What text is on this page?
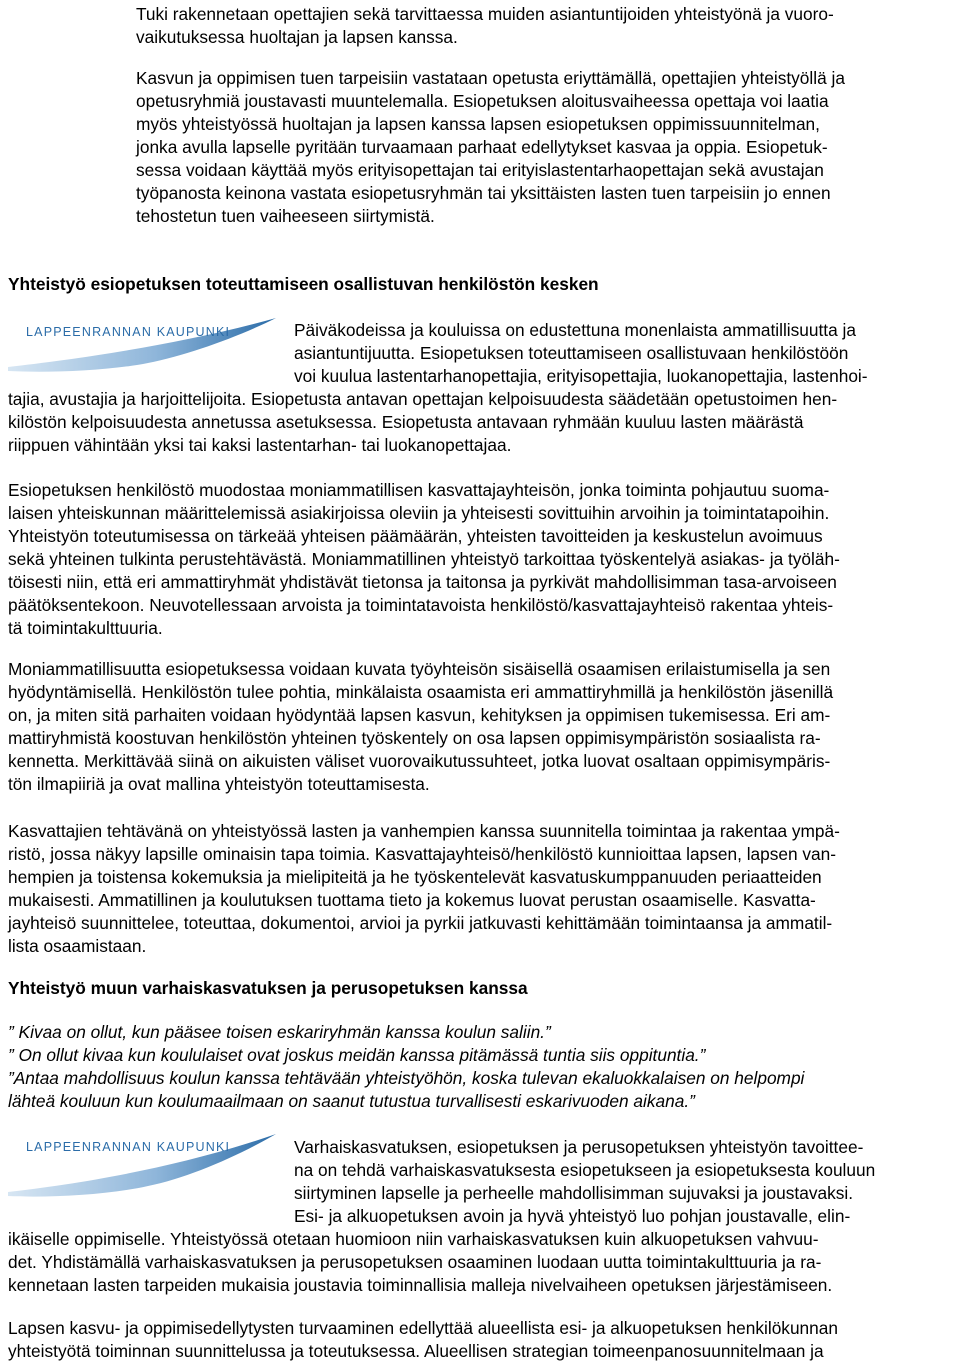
LAPPEENRANNAN KAUPUNKI
LAPPEENRANNAN KAUPUNKI
Tuki rakennetaan opettajien sekä tarvittaessa muiden asiantuntijoiden yhteistyönä ja vuoro-
vaikutuksessa huoltajan ja lapsen kanssa.
Kasvun ja oppimisen tuen tarpeisiin vastataan opetusta eriyttämällä, opettajien yhteistyöllä ja
opetusryhmiä joustavasti muuntelemalla. Esiopetuksen aloitusvaiheessa opettaja voi laatia
myös yhteistyössä huoltajan ja lapsen kanssa lapsen esiopetuksen oppimissuunnitelman,
jonka avulla lapselle pyritään turvaamaan parhaat edellytykset kasvaa ja oppia. Esiopetuk-
sessa voidaan käyttää myös erityisopettajan tai erityislastentarhaopettajan sekä avustajan
työpanosta keinona vastata esiopetusryhmän tai yksittäisten lasten tuen tarpeisiin jo ennen
tehostetun tuen vaiheeseen siirtymistä.
Yhteistyö esiopetuksen toteuttamiseen osallistuvan henkilöstön kesken
Päiväkodeissa ja kouluissa on edustettuna monenlaista ammatillisuutta ja
asiantuntijuutta. Esiopetuksen toteuttamiseen osallistuvaan henkilöstöön
voi kuulua lastentarhanopettajia, erityisopettajia, luokanopettajia, lastenhoi-
tajia, avustajia ja harjoittelijoita. Esiopetusta antavan opettajan kelpoisuudesta säädetään opetustoimen hen-
kilöstön kelpoisuudesta annetussa asetuksessa. Esiopetusta antavaan ryhmään kuuluu lasten määrästä
riippuen vähintään yksi tai kaksi lastentarhan- tai luokanopettajaa.
Esiopetuksen henkilöstö muodostaa moniammatillisen kasvattajayhteisön, jonka toiminta pohjautuu suoma-
laisen yhteiskunnan määrittelemissä asiakirjoissa oleviin ja yhteisesti sovittuihin arvoihin ja toimintatapoihin.
Yhteistyön toteutumisessa on tärkeää yhteisen päämäärän, yhteisten tavoitteiden ja keskustelun avoimuus
sekä yhteinen tulkinta perustehtävästä. Moniammatillinen yhteistyö tarkoittaa työskentelyä asiakas- ja työläh-
töisesti niin, että eri ammattiryhmät yhdistävät tietonsa ja taitonsa ja pyrkivät mahdollisimman tasa-arvoiseen
päätöksentekoon. Neuvotellessaan arvoista ja toimintatavoista henkilöstö/kasvattajayhteisö rakentaa yhteis-
tä toimintakulttuuria.
Moniammatillisuutta esiopetuksessa voidaan kuvata työyhteisön sisäisellä osaamisen erilaistumisella ja sen
hyödyntämisellä. Henkilöstön tulee pohtia, minkälaista osaamista eri ammattiryhmillä ja henkilöstön jäsenillä
on, ja miten sitä parhaiten voidaan hyödyntää lapsen kasvun, kehityksen ja oppimisen tukemisessa. Eri am-
mattiryhmistä koostuvan henkilöstön yhteinen työskentely on osa lapsen oppimisympäristön sosiaalista ra-
kennetta. Merkittävää siinä on aikuisten väliset vuorovaikutussuhteet, jotka luovat osaltaan oppimisympäris-
tön ilmapiiriä ja ovat mallina yhteistyön toteuttamisesta.
Kasvattajien tehtävänä on yhteistyössä lasten ja vanhempien kanssa suunnitella toimintaa ja rakentaa ympä-
ristö, jossa näkyy lapsille ominaisin tapa toimia. Kasvattajayhteisö/henkilöstö kunnioittaa lapsen, lapsen van-
hempien ja toistensa kokemuksia ja mielipiteitä ja he työskentelevät kasvatuskumppanuuden periaatteiden
mukaisesti. Ammatillinen ja koulutuksen tuottama tieto ja kokemus luovat perustan osaamiselle. Kasvatta-
jayhteisö suunnittelee, toteuttaa, dokumentoi, arvioi ja pyrkii jatkuvasti kehittämään toimintaansa ja ammatil-
lista osaamistaan.
Yhteistyö muun varhaiskasvatuksen ja perusopetuksen kanssa
” Kivaa on ollut, kun pääsee toisen eskariryhmän kanssa koulun saliin.”
” On ollut kivaa kun koululaiset ovat joskus meidän kanssa pitämässä tuntia siis oppituntia.”
”Antaa mahdollisuus koulun kanssa tehtävään yhteistyöhön, koska tulevan ekaluokkalaisen on helpompi
lähteä kouluun kun koulumaailmaan on saanut tutustua turvallisesti eskarivuoden aikana.”
Varhaiskasvatuksen, esiopetuksen ja perusopetuksen yhteistyön tavoittee-
na on tehdä varhaiskasvatuksesta esiopetukseen ja esiopetuksesta kouluun
siirtyminen lapselle ja perheelle mahdollisimman sujuvaksi ja joustavaksi.
Esi- ja alkuopetuksen avoin ja hyvä yhteistyö luo pohjan joustavalle, elin-
ikäiselle oppimiselle. Yhteistyössä otetaan huomioon niin varhaiskasvatuksen kuin alkuopetuksen vahvuu-
det. Yhdistämällä varhaiskasvatuksen ja perusopetuksen osaaminen luodaan uutta toimintakulttuuria ja ra-
kennetaan lasten tarpeiden mukaisia joustavia toiminnallisia malleja nivelvaiheen opetuksen järjestämiseen.
Lapsen kasvu- ja oppimisedellytysten turvaaminen edellyttää alueellista esi- ja alkuopetuksen henkilökunnan
yhteistyötä toiminnan suunnittelussa ja toteutuksessa. Alueellisen strategian toimeenpanosuunnitelmaan ja
